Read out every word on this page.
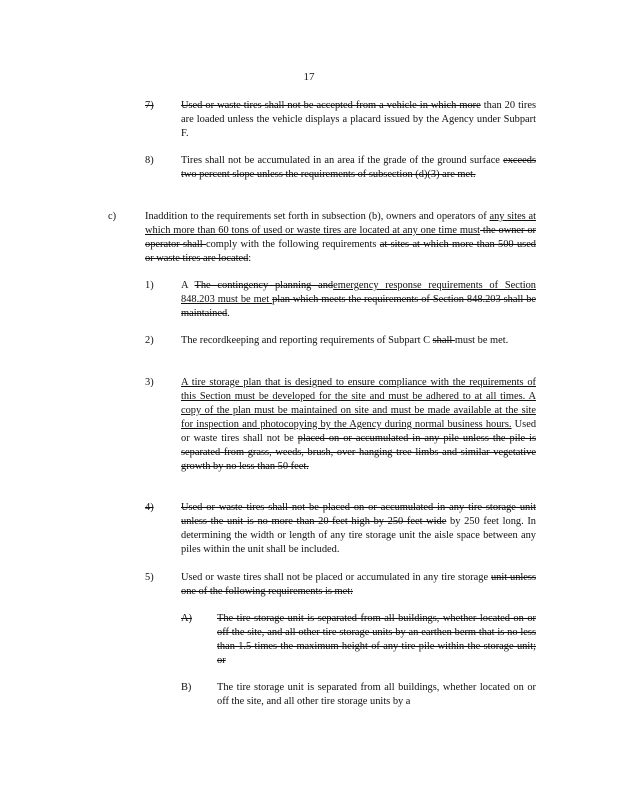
17
7)	Used or waste tires shall not be accepted from a vehicle in which more than 20 tires are loaded unless the vehicle displays a placard issued by the Agency under Subpart F.
8)	Tires shall not be accumulated in an area if the grade of the ground surface exceeds two percent slope unless the requirements of subsection (d)(3) are met.
c)	Inaddition to the requirements set forth in subsection (b), owners and operators of any sites at which more than 60 tons of used or waste tires are located at any one time must the owner or operator shall comply with the following requirements at sites at which more than 500 used or waste tires are located:
1)	A The contingency planning andemergency response requirements of Section 848.203 must be met plan which meets the requirements of Section 848.203 shall be maintained.
2)	The recordkeeping and reporting requirements of Subpart C shall must be met.
3)	A tire storage plan that is designed to ensure compliance with the requirements of this Section must be developed for the site and must be adhered to at all times. A copy of the plan must be maintained on site and must be made available at the site for inspection and photocopying by the Agency during normal business hours. Used or waste tires shall not be placed on or accumulated in any pile unless the pile is separated from grass, weeds, brush, over hanging tree limbs and similar vegetative growth by no less than 50 feet.
4)	Used or waste tires shall not be placed on or accumulated in any tire storage unit unless the unit is no more than 20 feet high by 250 feet wide by 250 feet long. In determining the width or length of any tire storage unit the aisle space between any piles within the unit shall be included.
5)	Used or waste tires shall not be placed or accumulated in any tire storage unit unless one of the following requirements is met:
A) The tire storage unit is separated from all buildings, whether located on or off the site, and all other tire storage units by an earthen berm that is no less than 1.5 times the maximum height of any tire pile within the storage unit; or
B) The tire storage unit is separated from all buildings, whether located on or off the site, and all other tire storage units by a
